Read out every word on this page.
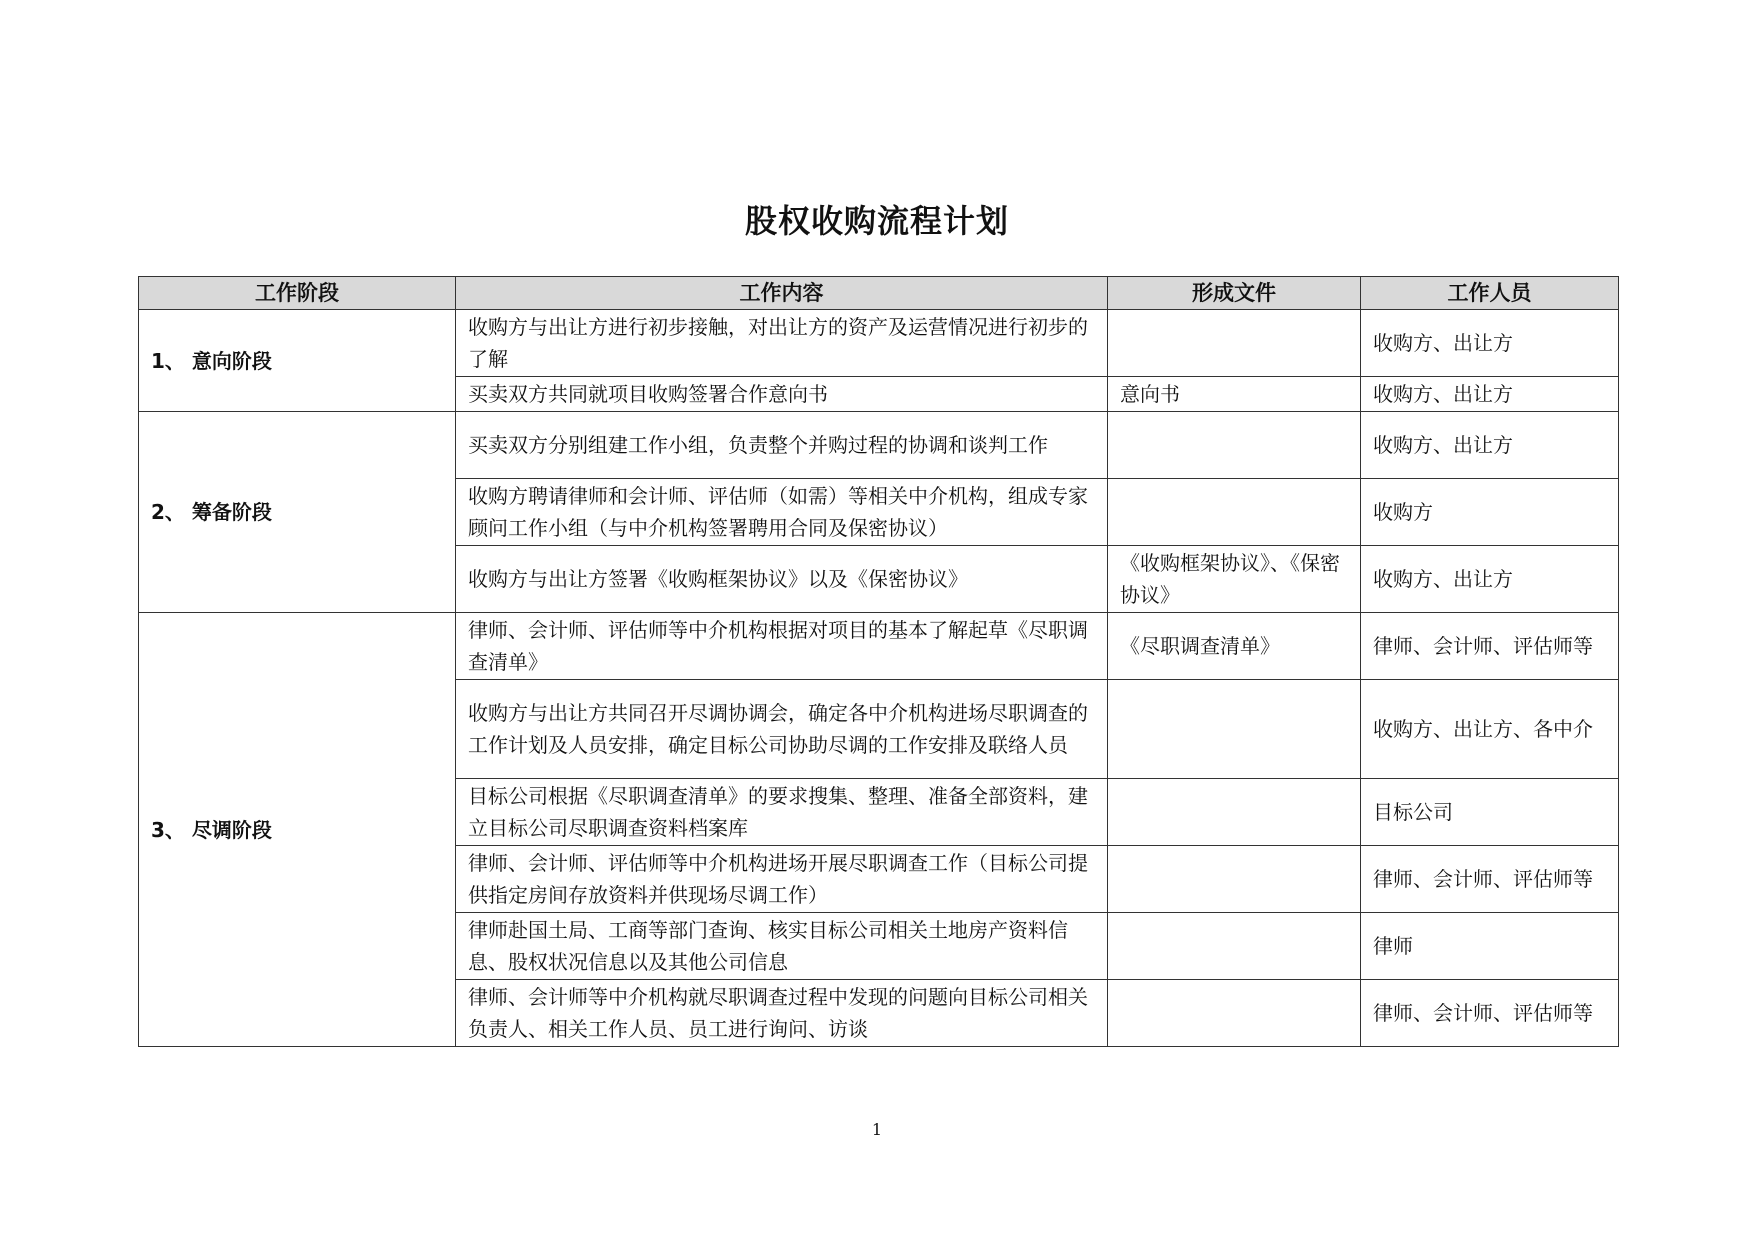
股权收购流程计划
工作阶段	工作内容	形成文件	工作人员
1、 意向阶段	收购方与出让方进行初步接触，对出让方的资产及运营情况进行初步的了解		收购方、出让方
	买卖双方共同就项目收购签署合作意向书	意向书	收购方、出让方
2、 筹备阶段	买卖双方分别组建工作小组，负责整个并购过程的协调和谈判工作		收购方、出让方
	收购方聘请律师和会计师、评估师（如需）等相关中介机构，组成专家顾问工作小组（与中介机构签署聘用合同及保密协议）		收购方
	收购方与出让方签署《收购框架协议》以及《保密协议》	《收购框架协议》、《保密协议》	收购方、出让方
3、 尽调阶段	律师、会计师、评估师等中介机构根据对项目的基本了解起草《尽职调查清单》	《尽职调查清单》	律师、会计师、评估师等
	收购方与出让方共同召开尽调协调会，确定各中介机构进场尽职调查的工作计划及人员安排，确定目标公司协助尽调的工作安排及联络人员		收购方、出让方、各中介
	目标公司根据《尽职调查清单》的要求搜集、整理、准备全部资料，建立目标公司尽职调查资料档案库		目标公司
	律师、会计师、评估师等中介机构进场开展尽职调查工作（目标公司提供指定房间存放资料并供现场尽调工作）		律师、会计师、评估师等
	律师赴国土局、工商等部门查询、核实目标公司相关土地房产资料信息、股权状况信息以及其他公司信息		律师
	律师、会计师等中介机构就尽职调查过程中发现的问题向目标公司相关负责人、相关工作人员、员工进行询问、访谈		律师、会计师、评估师等
1
